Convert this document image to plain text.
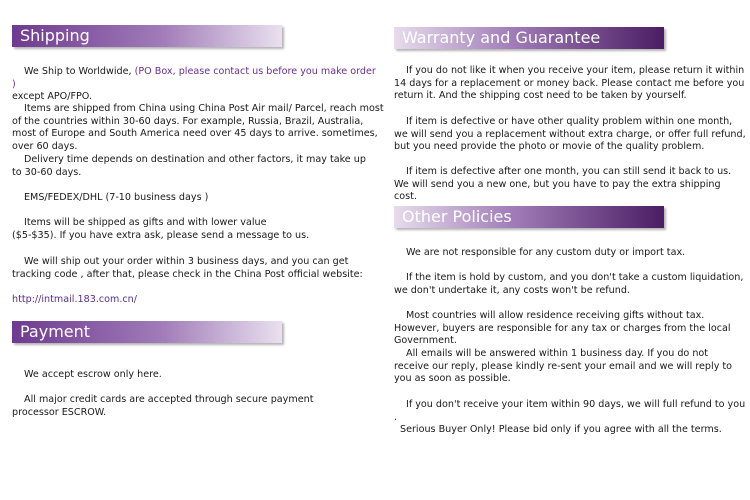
Shipping

We Ship to Worldwide, (PO Box, please contact us before you make order )
except APO/FPO.

Items are shipped from China using China Post Air mail/ Parcel, reach most of the countries within 30-60 days. For example, Russia, Brazil, Australia, most of Europe and South America need over 45 days to arrive. sometimes, over 60 days.

Delivery time depends on destination and other factors, it may take up to 30-60 days.

EMS/FEDEX/DHL (7-10 business days )

Items will be shipped as gifts and with lower value ($5-$35). If you have extra ask, please send a message to us.

We will ship out your order within 3 business days, and you can get tracking code , after that, please check in the China Post official website:

http://intmail.183.com.cn/

Payment

We accept escrow only here.

All major credit cards are accepted through secure payment processor ESCROW.

Warranty and Guarantee

If you do not like it when you receive your item, please return it within 14 days for a replacement or money back. Please contact me before you return it. And the shipping cost need to be taken by yourself.

If item is defective or have other quality problem within one month, we will send you a replacement without extra charge, or offer full refund, but you need provide the photo or movie of the quality problem.

If item is defective after one month, you can still send it back to us. We will send you a new one, but you have to pay the extra shipping cost.

Other Policies

We are not responsible for any custom duty or import tax.

If the item is hold by custom, and you don't take a custom liquidation, we don't undertake it, any costs won't be refund.

Most countries will allow residence receiving gifts without tax. However, buyers are responsible for any tax or charges from the local Government.

All emails will be answered within 1 business day. If you do not receive our reply, please kindly re-sent your email and we will reply to you as soon as possible.

If you don't receive your item within 90 days, we will full refund to you .

Serious Buyer Only! Please bid only if you agree with all the terms.
